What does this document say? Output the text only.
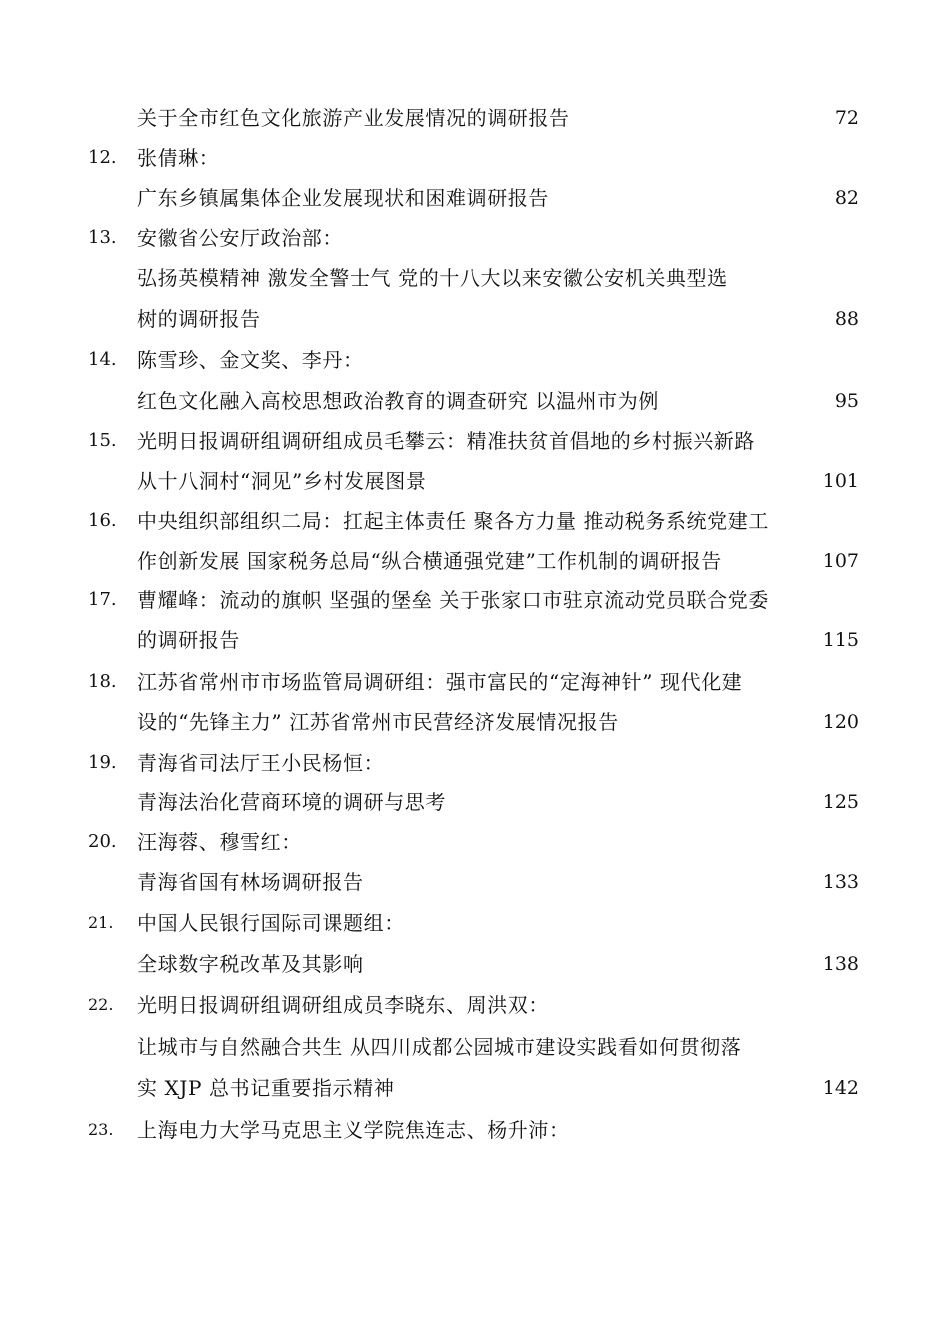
关于全市红色文化旅游产业发展情况的调研报告	72
12. 张倩琳：
广东乡镇属集体企业发展现状和困难调研报告	82
13. 安徽省公安厅政治部：
弘扬英模精神 激发全警士气 党的十八大以来安徽公安机关典型选
树的调研报告	88
14. 陈雪珍、金文奖、李丹：
红色文化融入高校思想政治教育的调查研究 以温州市为例	95
15. 光明日报调研组调研组成员毛攀云：精准扶贫首倡地的乡村振兴新路
从十八洞村“洞见”乡村发展图景	101
16. 中央组织部组织二局：扛起主体责任 聚各方力量 推动税务系统党建工
作创新发展 国家税务总局“纵合横通强党建”工作机制的调研报告	107
17. 曹耀峰：流动的旗帜 坚强的堡垒 关于张家口市驻京流动党员联合党委
的调研报告	115
18. 江苏省常州市市场监管局调研组：强市富民的“定海神针” 现代化建
设的“先锋主力” 江苏省常州市民营经济发展情况报告	120
19. 青海省司法厅王小民杨恒：
青海法治化营商环境的调研与思考	125
20. 汪海蓉、穆雪红：
青海省国有林场调研报告	133
21. 中国人民银行国际司课题组：
全球数字税改革及其影响	138
22. 光明日报调研组调研组成员李晓东、周洪双：
让城市与自然融合共生 从四川成都公园城市建设实践看如何贯彻落
实 XJP 总书记重要指示精神	142
23. 上海电力大学马克思主义学院焦连志、杨升沛：
